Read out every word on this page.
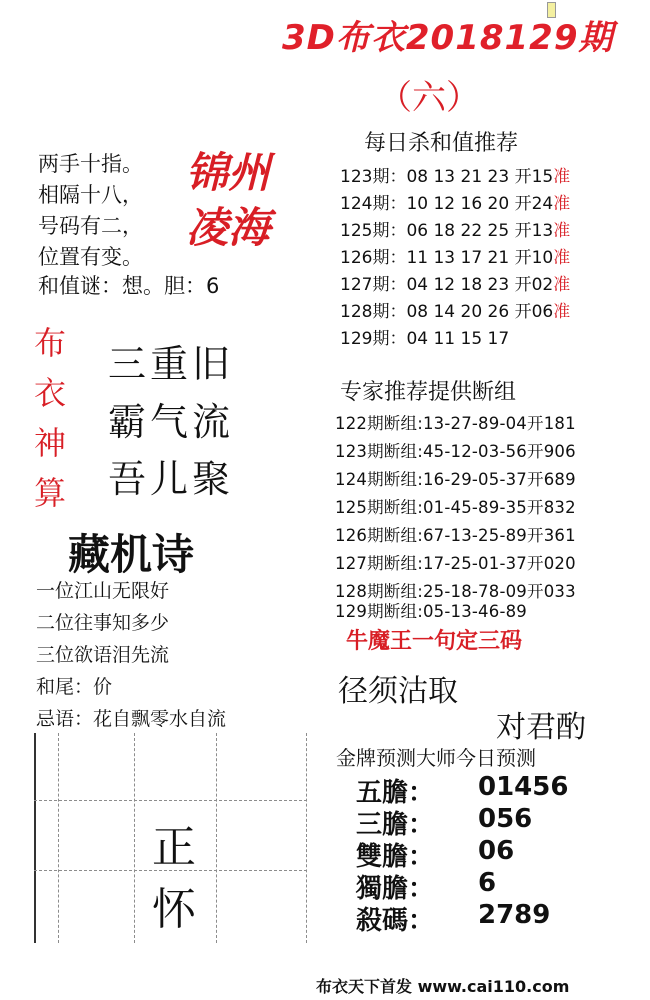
3D布衣2018129期
（六）
两手十指。
相隔十八，
号码有二，
位置有变。
和值谜：想。胆：6
锦州
凌海
布
衣
神
算
三重旧
霸气流
吾儿聚
藏机诗
一位江山无限好
二位往事知多少
三位欲语泪先流
和尾：价
忌语：花自飘零水自流
正
怀
每日杀和值推荐
123期：08 13 21 23 开15准
124期：10 12 16 20 开24准
125期：06 18 22 25 开13准
126期：11 13 17 21 开10准
127期：04 12 18 23 开02准
128期：08 14 20 26 开06准
129期：04 11 15 17
专家推荐提供断组
122期断组:13-27-89-04开181
123期断组:45-12-03-56开906
124期断组:16-29-05-37开689
125期断组:01-45-89-35开832
126期断组:67-13-25-89开361
127期断组:17-25-01-37开020
128期断组:25-18-78-09开033
129期断组:05-13-46-89
牛魔王一句定三码
径须沽取
对君酌
金牌预测大师今日预测
五膽： 01456
三膽： 056
雙膽： 06
獨膽： 6
殺碼： 2789
布衣天下首发 www.cai110.com
